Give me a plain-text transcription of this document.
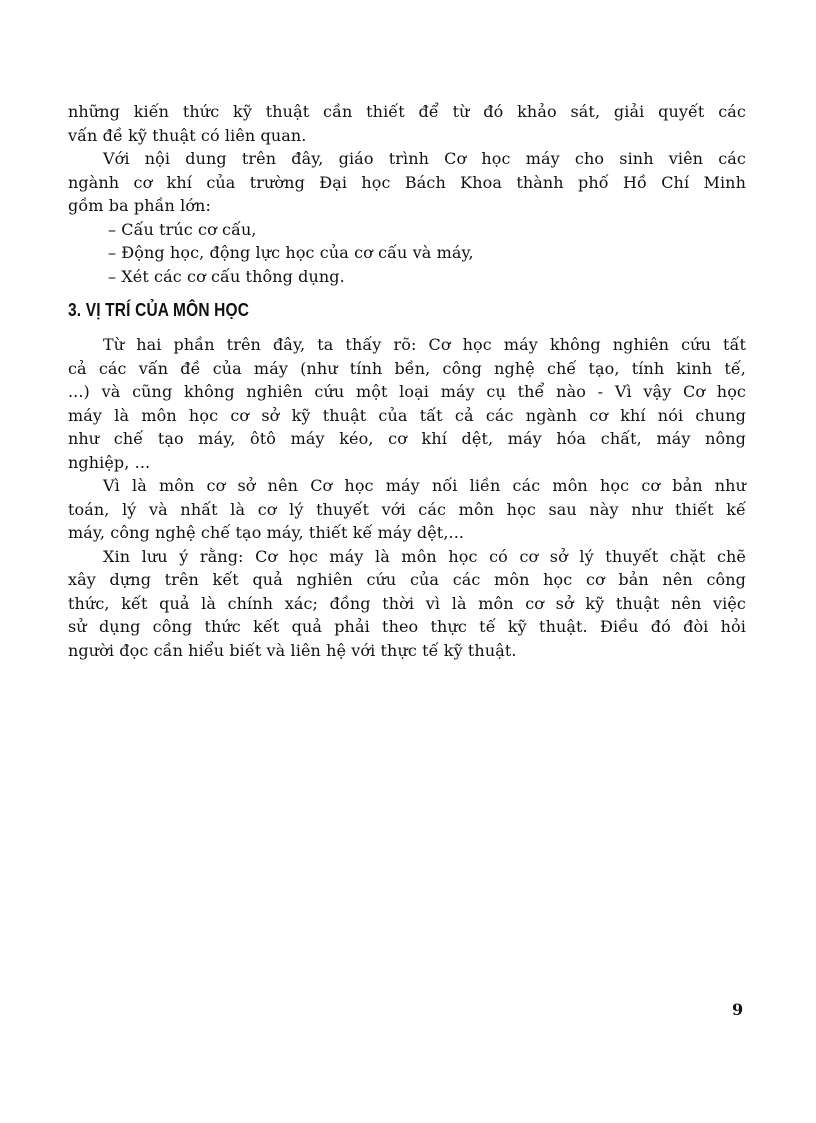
những kiến thức kỹ thuật cần thiết để từ đó khảo sát, giải quyết các
vấn đề kỹ thuật có liên quan.
Với nội dung trên đây, giáo trình Cơ học máy cho sinh viên các
ngành cơ khí của trường Đại học Bách Khoa thành phố Hồ Chí Minh
gồm ba phần lớn:
– Cấu trúc cơ cấu,
– Động học, động lực học của cơ cấu và máy,
– Xét các cơ cấu thông dụng.
3. VỊ TRÍ CỦA MÔN HỌC
Từ hai phần trên đây, ta thấy rõ: Cơ học máy không nghiên cứu tất
cả các vấn đề của máy (như tính bền, công nghệ chế tạo, tính kinh tế,
...) và cũng không nghiên cứu một loại máy cụ thể nào - Vì vậy Cơ học
máy là môn học cơ sở kỹ thuật của tất cả các ngành cơ khí nói chung
như chế tạo máy, ôtô máy kéo, cơ khí dệt, máy hóa chất, máy nông
nghiệp, ...
Vì là môn cơ sở nên Cơ học máy nối liền các môn học cơ bản như
toán, lý và nhất là cơ lý thuyết với các môn học sau này như thiết kế
máy, công nghệ chế tạo máy, thiết kế máy dệt,...
Xin lưu ý rằng: Cơ học máy là môn học có cơ sở lý thuyết chặt chẽ
xây dựng trên kết quả nghiên cứu của các môn học cơ bản nên công
thức, kết quả là chính xác; đồng thời vì là môn cơ sở kỹ thuật nên việc
sử dụng công thức kết quả phải theo thực tế kỹ thuật. Điều đó đòi hỏi
người đọc cần hiểu biết và liên hệ với thực tế kỹ thuật.
9
